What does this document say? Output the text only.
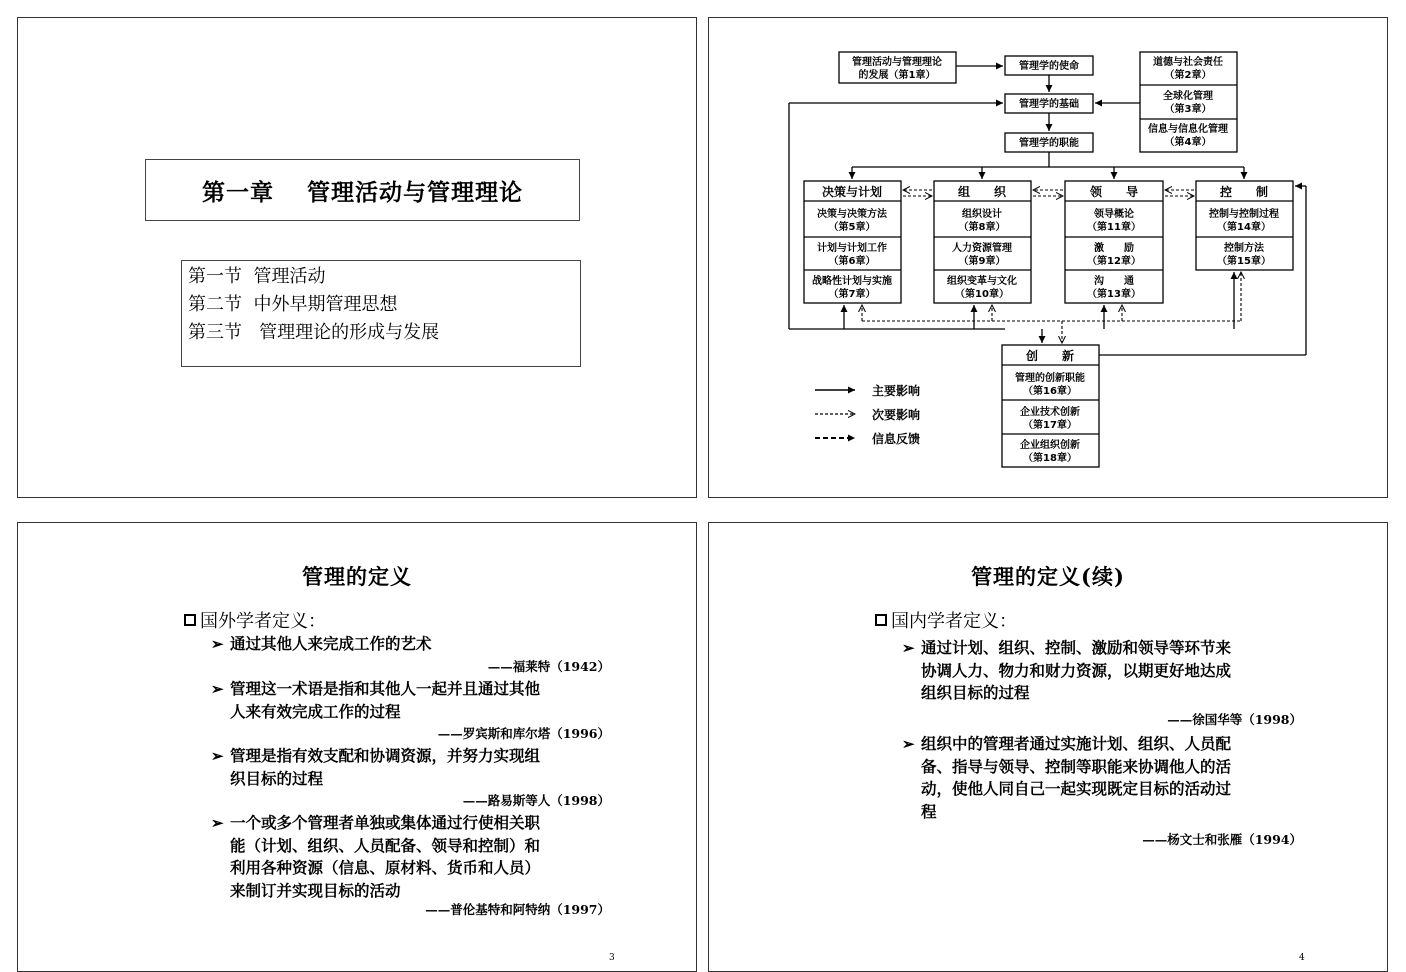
第一章　 管理活动与管理理论
第一节  管理活动
第二节  中外早期管理思想
第三节   管理理论的形成与发展
管理活动与管理理论
的发展（第1章）
管理学的使命
管理学的基础
管理学的职能
道德与社会责任
（第2章）
全球化管理
（第3章）
信息与信息化管理
（第4章）
决策与计划
决策与决策方法
（第5章）
计划与计划工作
（第6章）
战略性计划与实施
（第7章）
组　　织
组织设计
（第8章）
人力资源管理
（第9章）
组织变革与文化
（第10章）
领　　导
领导概论
（第11章）
激　　励
（第12章）
沟　　通
（第13章）
控　　制
控制与控制过程
（第14章）
控制方法
（第15章）
创　　新
管理的创新职能
（第16章）
企业技术创新
（第17章）
企业组织创新
（第18章）
主要影响
次要影响
信息反馈
管理的定义
国外学者定义：
➢ 通过其他人来完成工作的艺术
——福莱特（1942）
➢ 管理这一术语是指和其他人一起并且通过其他
人来有效完成工作的过程
——罗宾斯和库尔塔（1996）
➢ 管理是指有效支配和协调资源，并努力实现组
织目标的过程
——路易斯等人（1998）
➢ 一个或多个管理者单独或集体通过行使相关职
能（计划、组织、人员配备、领导和控制）和
利用各种资源（信息、原材料、货币和人员）
来制订并实现目标的活动
——普伦基特和阿特纳（1997）
3
管理的定义(续)
国内学者定义：
➢ 通过计划、组织、控制、激励和领导等环节来
协调人力、物力和财力资源，以期更好地达成
组织目标的过程
——徐国华等（1998）
➢ 组织中的管理者通过实施计划、组织、人员配
备、指导与领导、控制等职能来协调他人的活
动，使他人同自己一起实现既定目标的活动过
程
——杨文士和张雁（1994）
4
